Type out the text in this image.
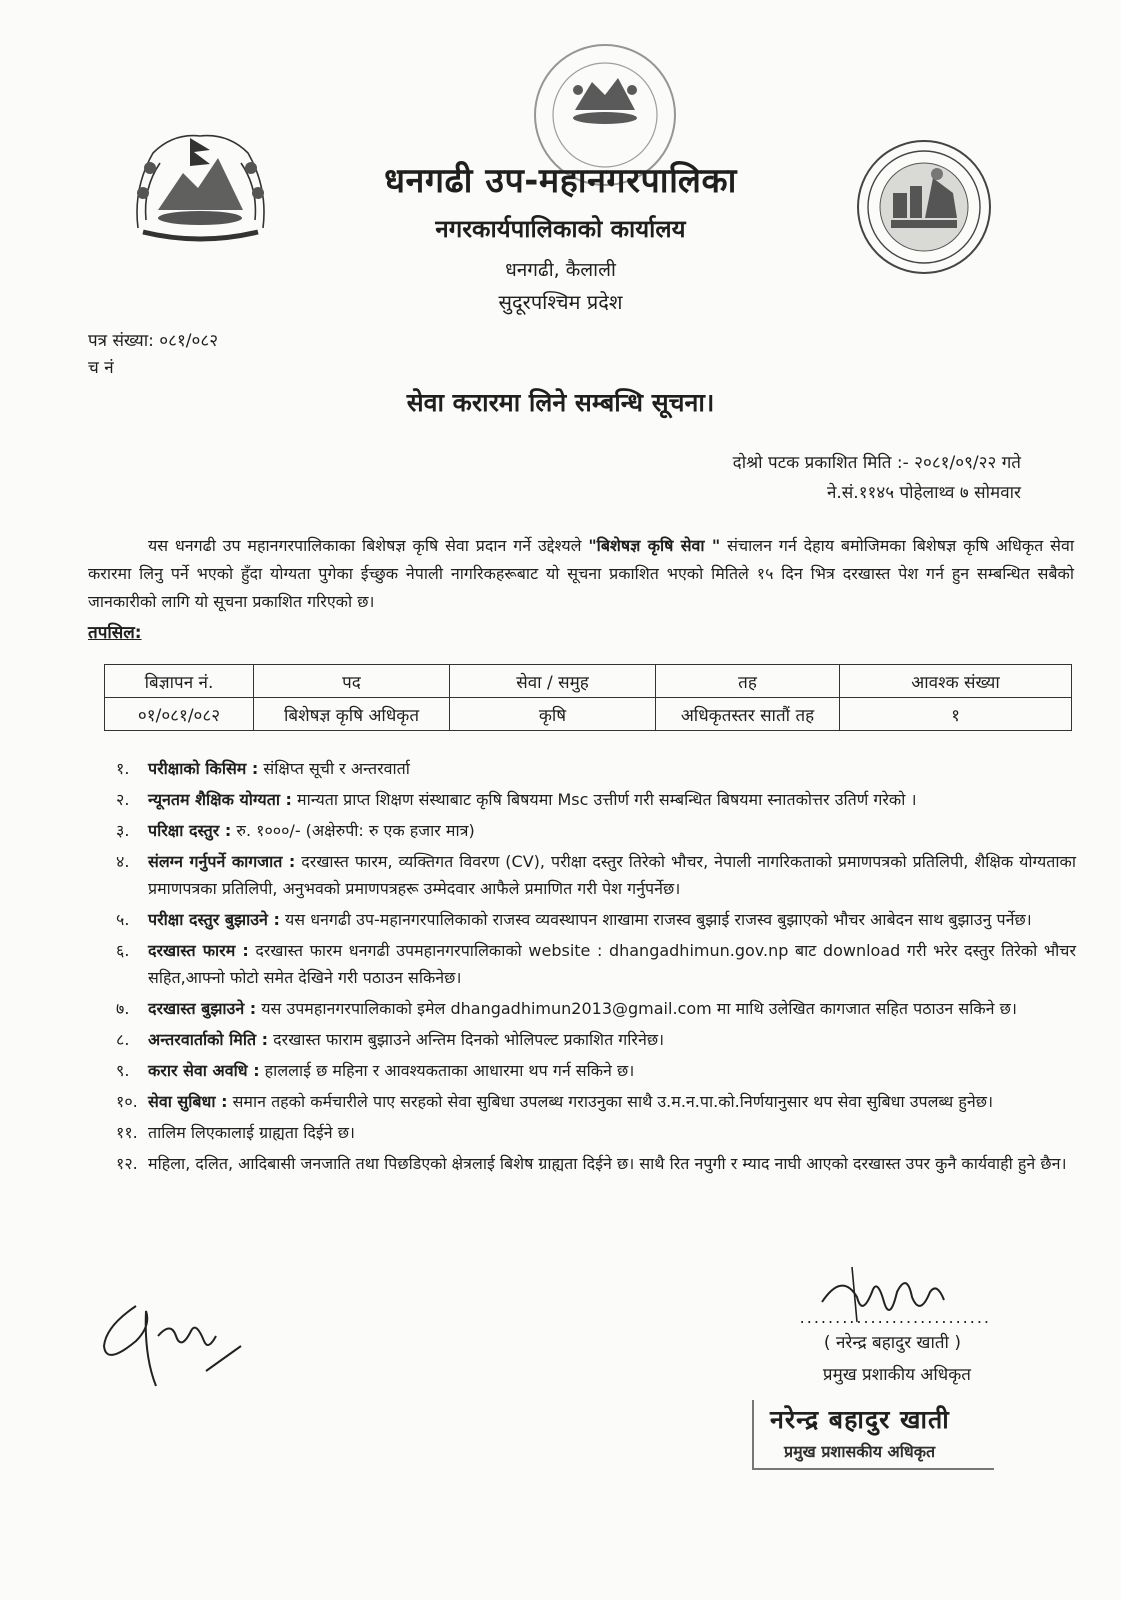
धनगढी उप-महानगरपालिका
नगरकार्यपालिकाको कार्यालय
धनगढी, कैलाली
सुदूरपश्चिम प्रदेश
पत्र संख्या: ०८१/०८२
च नं
सेवा करारमा लिने सम्बन्धि सूचना।
दोश्रो पटक प्रकाशित मिति :- २०८१/०९/२२ गते
ने.सं.११४५ पोहेलाथ्व ७ सोमवार
यस धनगढी उप महानगरपालिकाका बिशेषज्ञ कृषि सेवा प्रदान गर्ने उद्देश्यले "बिशेषज्ञ कृषि सेवा " संचालन गर्न देहाय बमोजिमका बिशेषज्ञ कृषि अधिकृत सेवा करारमा लिनु पर्ने भएको हुँदा योग्यता पुगेका ईच्छुक नेपाली नागरिकहरूबाट यो सूचना प्रकाशित भएको मितिले १५ दिन भित्र दरखास्त पेश गर्न हुन सम्बन्धित सबैको जानकारीको लागि यो सूचना प्रकाशित गरिएको छ।
तपसिल:
बिज्ञापन नं.	पद	सेवा / समुह	तह	आवश्क संख्या
०१/०८१/०८२	बिशेषज्ञ कृषि अधिकृत	कृषि	अधिकृतस्तर सातौं तह	१
१. परीक्षाको किसिम : संक्षिप्त सूची र अन्तरवार्ता
२. न्यूनतम शैक्षिक योग्यता : मान्यता प्राप्त शिक्षण संस्थाबाट कृषि बिषयमा Msc उत्तीर्ण गरी सम्बन्धित बिषयमा स्नातकोत्तर उतिर्ण गरेको ।
३. परिक्षा दस्तुर : रु. १०००/- (अक्षेरुपी: रु एक हजार मात्र)
४. संलग्न गर्नुपर्ने कागजात : दरखास्त फारम, व्यक्तिगत विवरण (CV), परीक्षा दस्तुर तिरेको भौचर, नेपाली नागरिकताको प्रमाणपत्रको प्रतिलिपी, शैक्षिक योग्यताका प्रमाणपत्रका प्रतिलिपी, अनुभवको प्रमाणपत्रहरू उम्मेदवार आफैले प्रमाणित गरी पेश गर्नुपर्नेछ।
५. परीक्षा दस्तुर बुझाउने : यस धनगढी उप-महानगरपालिकाको राजस्व व्यवस्थापन शाखामा राजस्व बुझाई राजस्व बुझाएको भौचर आबेदन साथ बुझाउनु पर्नेछ।
६. दरखास्त फारम : दरखास्त फारम धनगढी उपमहानगरपालिकाको website : dhangadhimun.gov.np बाट download गरी भरेर दस्तुर तिरेको भौचर सहित,आफ्नो फोटो समेत देखिने गरी पठाउन सकिनेछ।
७. दरखास्त बुझाउने : यस उपमहानगरपालिकाको इमेल dhangadhimun2013@gmail.com मा माथि उलेखित कागजात सहित पठाउन सकिने छ।
८. अन्तरवार्ताको मिति : दरखास्त फाराम बुझाउने अन्तिम दिनको भोलिपल्ट प्रकाशित गरिनेछ।
९. करार सेवा अवधि : हाललाई छ महिना र आवश्यकताका आधारमा थप गर्न सकिने छ।
१०. सेवा सुबिधा : समान तहको कर्मचारीले पाए सरहको सेवा सुबिधा उपलब्ध गराउनुका साथै उ.म.न.पा.को.निर्णयानुसार थप सेवा सुबिधा उपलब्ध हुनेछ।
११. तालिम लिएकालाई ग्राह्यता दिईने छ।
१२. महिला, दलित, आदिबासी जनजाति तथा पिछडिएको क्षेत्रलाई बिशेष ग्राह्यता दिईने छ। साथै रित नपुगी र म्याद नाघी आएको दरखास्त उपर कुनै कार्यवाही हुने छैन।
...........................
( नरेन्द्र बहादुर खाती )
प्रमुख प्रशाकीय अधिकृत
नरेन्द्र बहादुर खाती
प्रमुख प्रशासकीय अधिकृत
